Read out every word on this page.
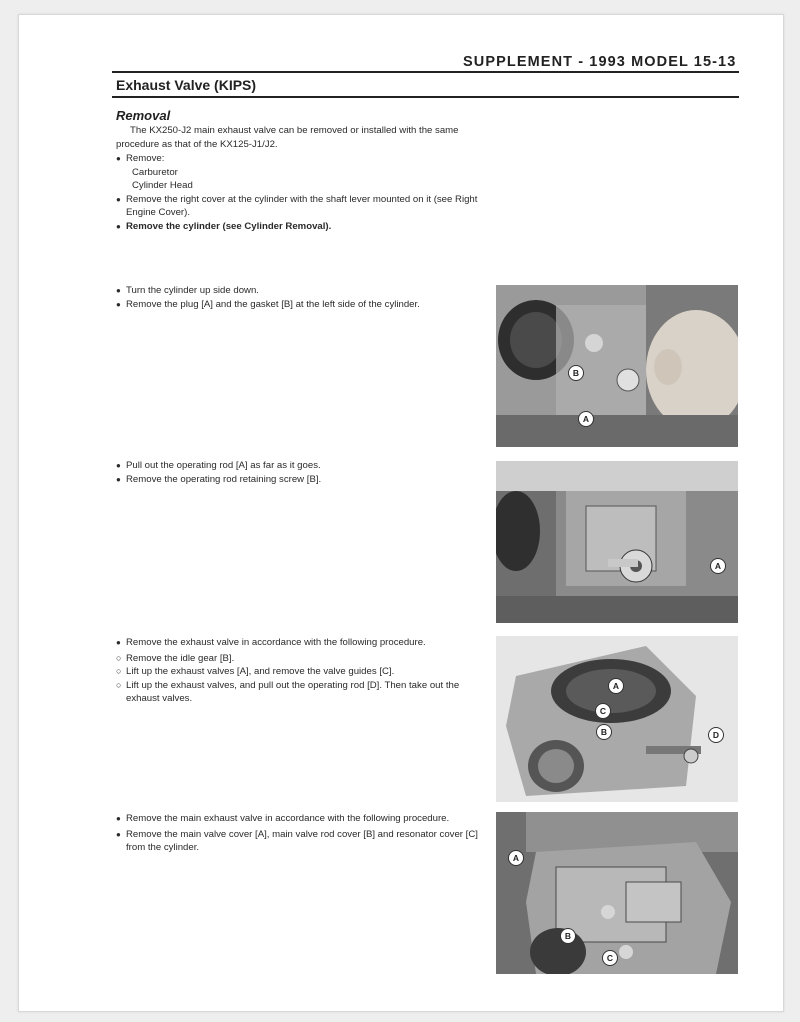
SUPPLEMENT - 1993 MODEL 15-13
Exhaust Valve (KIPS)
Removal
The KX250-J2 main exhaust valve can be removed or installed with the same procedure as that of the KX125-J1/J2.
● Remove:
Carburetor
Cylinder Head
● Remove the right cover at the cylinder with the shaft lever mounted on it (see Right Engine Cover).
● Remove the cylinder (see Cylinder Removal).
● Turn the cylinder up side down.
● Remove the plug [A] and the gasket [B] at the left side of the cylinder.
B
A
● Pull out the operating rod [A] as far as it goes.
● Remove the operating rod retaining screw [B].
A
● Remove the exhaust valve in accordance with the following procedure.
○ Remove the idle gear [B].
○ Lift up the exhaust valves [A], and remove the valve guides [C].
○ Lift up the exhaust valves, and pull out the operating rod [D]. Then take out the exhaust valves.
A
C
B	D
● Remove the main exhaust valve in accordance with the following procedure.
● Remove the main valve cover [A], main valve rod cover [B] and resonator cover [C] from the cylinder.
A
B
C
